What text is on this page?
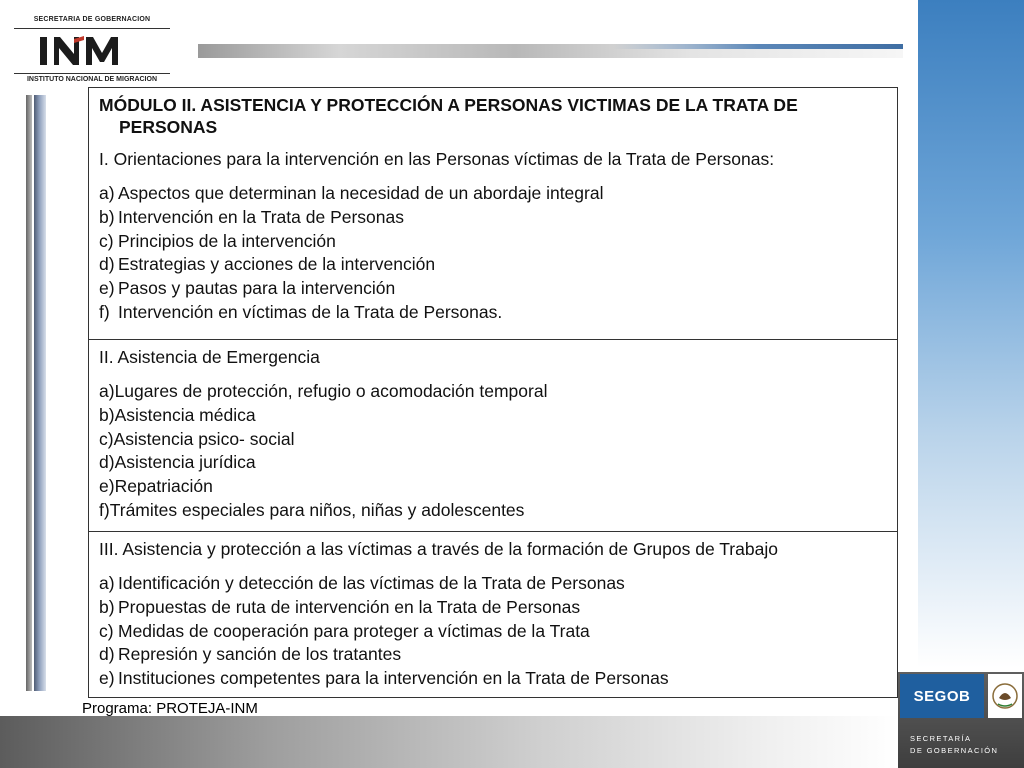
SECRETARIA DE GOBERNACION
INSTITUTO NACIONAL DE MIGRACION
MÓDULO II. ASISTENCIA Y PROTECCIÓN A PERSONAS VICTIMAS DE LA TRATA DE PERSONAS
I. Orientaciones para la intervención en las Personas víctimas de la Trata de Personas:
a) Aspectos que determinan la necesidad de un abordaje integral
b) Intervención en la Trata de Personas
c) Principios de la intervención
d) Estrategias y acciones de la intervención
e) Pasos y pautas para la intervención
f) Intervención en víctimas de la Trata de Personas.
II. Asistencia de Emergencia
a) Lugares de protección, refugio o acomodación temporal
b) Asistencia médica
c) Asistencia psico- social
d) Asistencia jurídica
e) Repatriación
f) Trámites especiales para niños, niñas y adolescentes
III. Asistencia y protección a las víctimas a través de la formación de Grupos de Trabajo
a) Identificación y detección de las víctimas de la Trata de Personas
b) Propuestas de ruta de intervención en la Trata de Personas
c) Medidas de cooperación para proteger a víctimas de la Trata
d) Represión y sanción de los tratantes
e) Instituciones competentes para la intervención en la Trata de Personas
Programa: PROTEJA-INM
SEGOB
SECRETARÍA
DE GOBERNACIÓN
